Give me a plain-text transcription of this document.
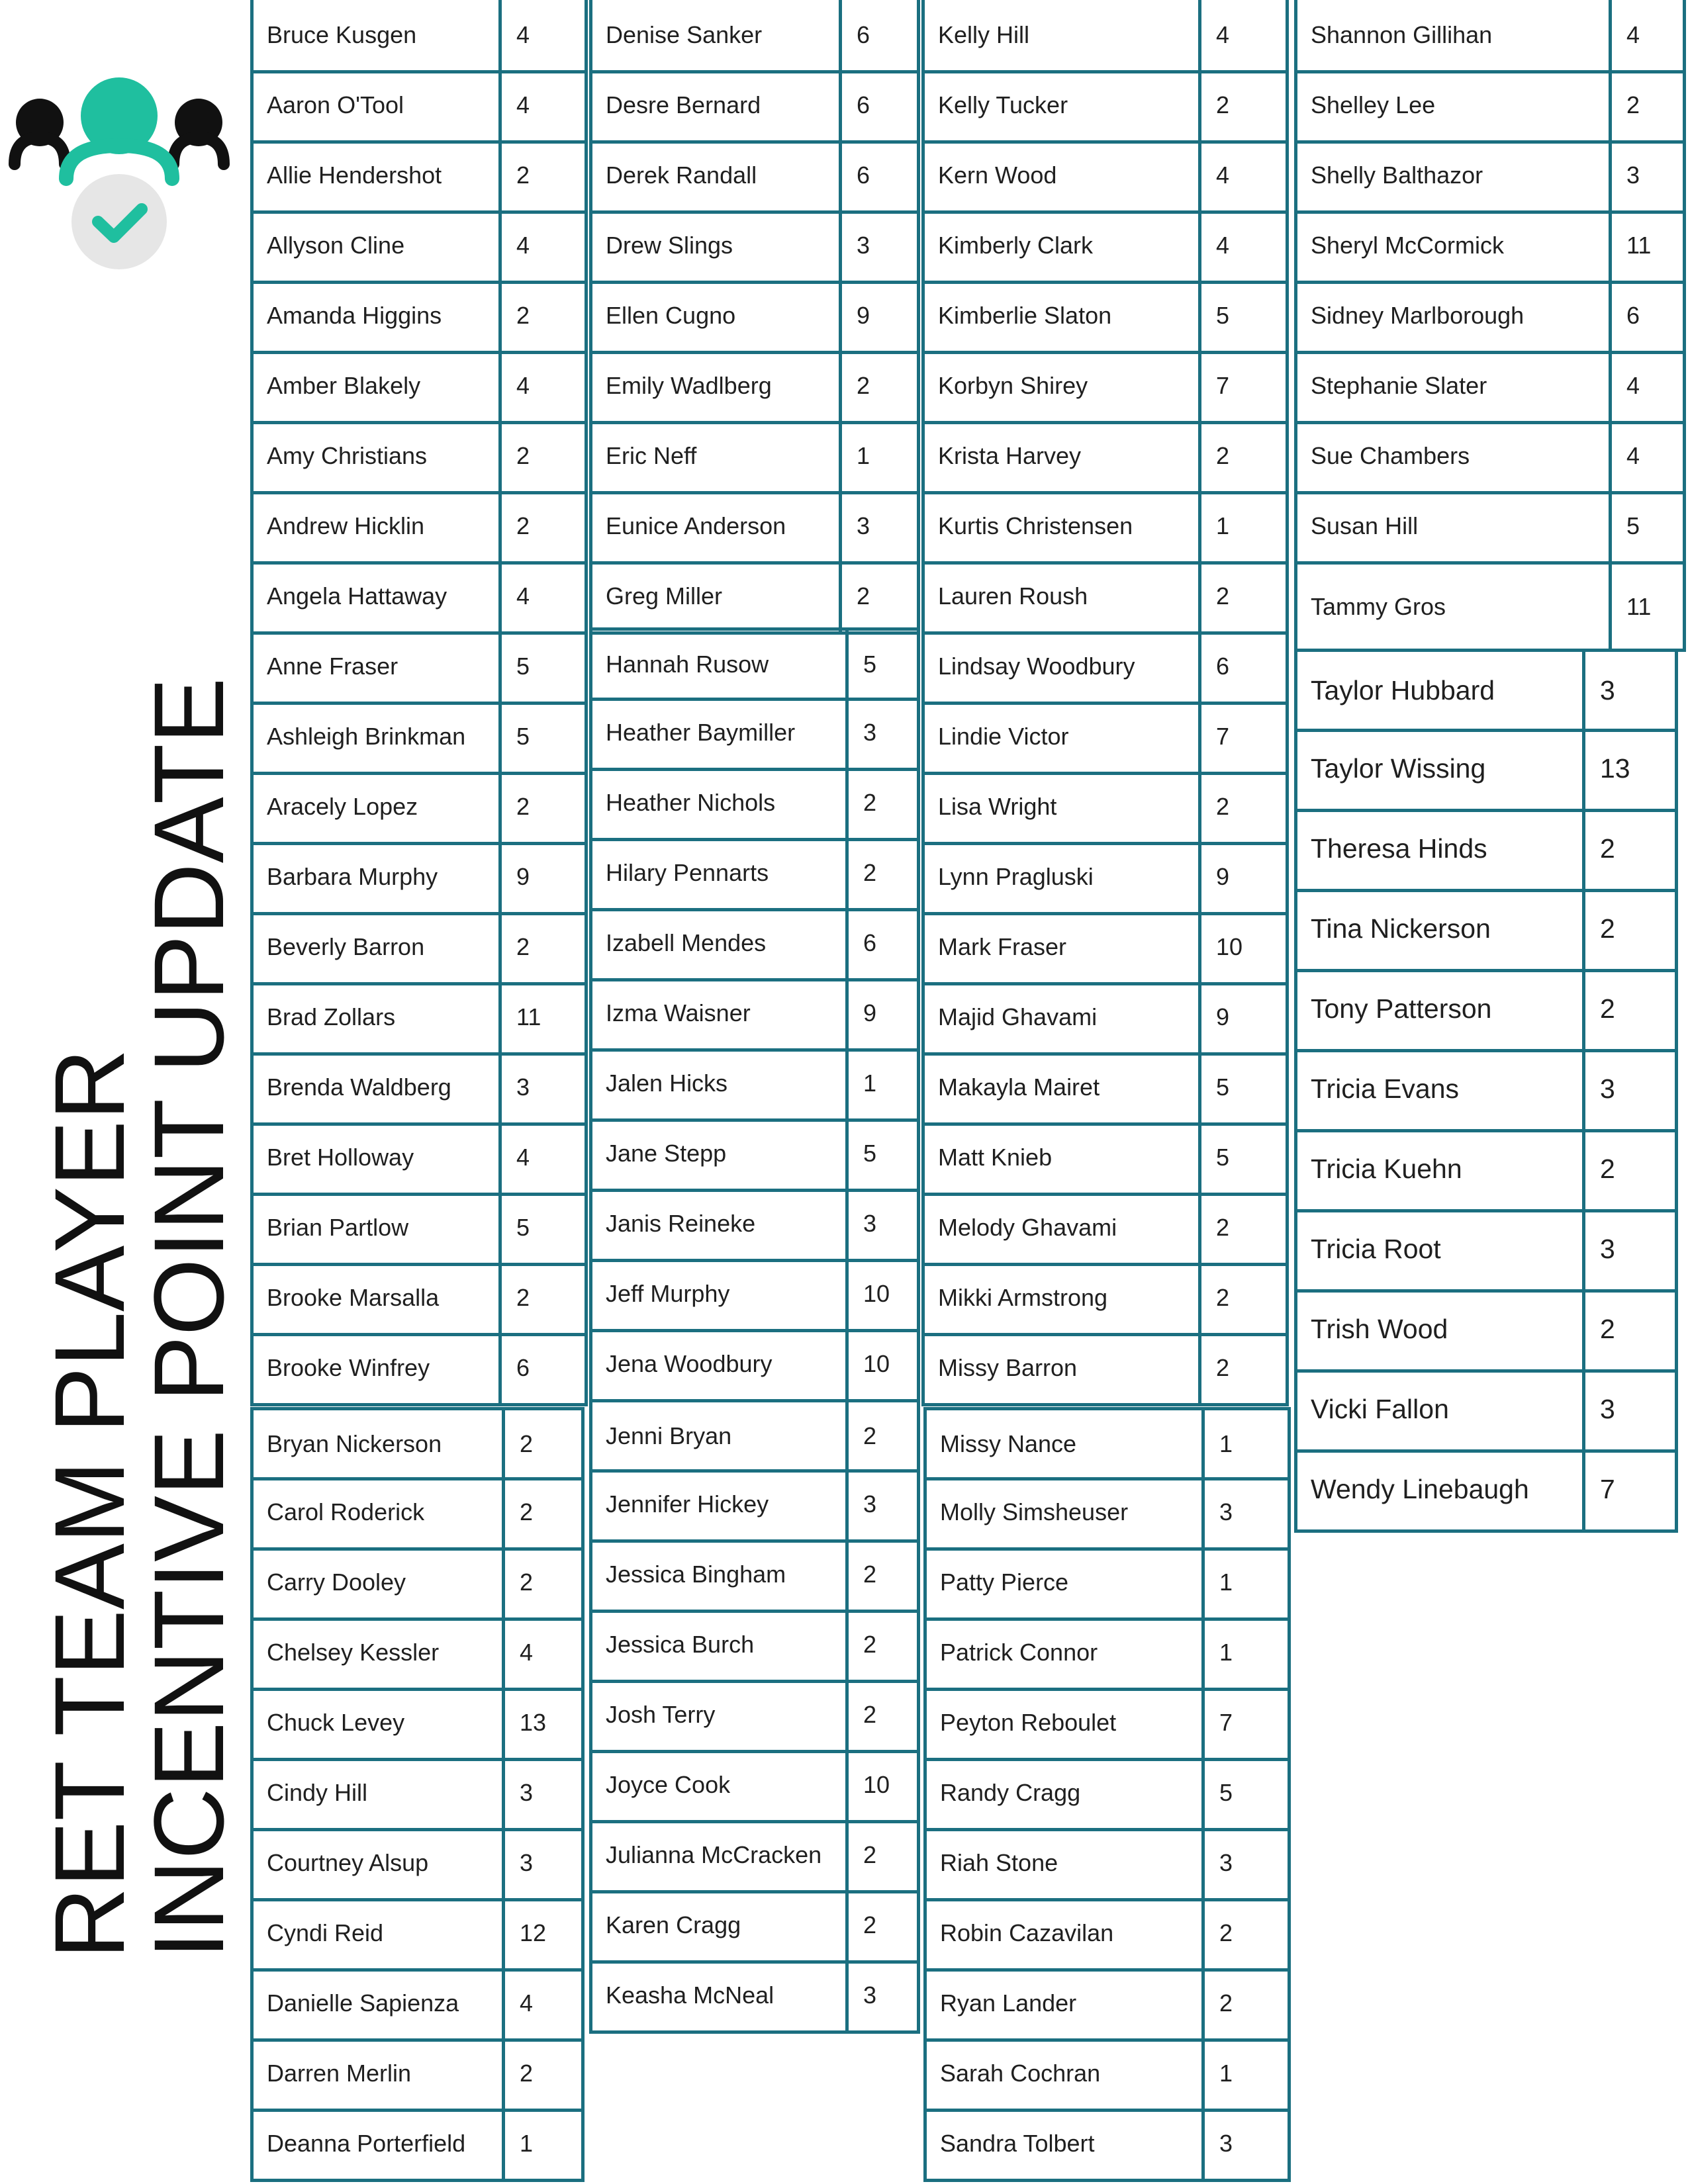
RET TEAM PLAYER
INCENTIVE POINT UPDATE
Bruce Kusgen	4
Aaron O'Tool	4
Allie Hendershot	2
Allyson Cline	4
Amanda Higgins	2
Amber Blakely	4
Amy Christians	2
Andrew Hicklin	2
Angela Hattaway	4
Anne Fraser	5
Ashleigh Brinkman	5
Aracely Lopez	2
Barbara Murphy	9
Beverly Barron	2
Brad Zollars	11
Brenda Waldberg	3
Bret Holloway	4
Brian Partlow	5
Brooke Marsalla	2
Brooke Winfrey	6
Bryan Nickerson	2
Carol Roderick	2
Carry Dooley	2
Chelsey Kessler	4
Chuck Levey	13
Cindy Hill	3
Courtney Alsup	3
Cyndi Reid	12
Danielle Sapienza	4
Darren Merlin	2
Deanna Porterfield	1
Denise Sanker	6
Desre Bernard	6
Derek Randall	6
Drew Slings	3
Ellen Cugno	9
Emily Wadlberg	2
Eric Neff	1
Eunice Anderson	3
Greg Miller	2
Hannah Rusow	5
Heather Baymiller	3
Heather Nichols	2
Hilary Pennarts	2
Izabell Mendes	6
Izma Waisner	9
Jalen Hicks	1
Jane Stepp	5
Janis Reineke	3
Jeff Murphy	10
Jena Woodbury	10
Jenni Bryan	2
Jennifer Hickey	3
Jessica Bingham	2
Jessica Burch	2
Josh Terry	2
Joyce Cook	10
Julianna McCracken	2
Karen Cragg	2
Keasha McNeal	3
Kelly Hill	4
Kelly Tucker	2
Kern Wood	4
Kimberly Clark	4
Kimberlie Slaton	5
Korbyn Shirey	7
Krista Harvey	2
Kurtis Christensen	1
Lauren Roush	2
Lindsay Woodbury	6
Lindie Victor	7
Lisa Wright	2
Lynn Pragluski	9
Mark Fraser	10
Majid Ghavami	9
Makayla Mairet	5
Matt Knieb	5
Melody Ghavami	2
Mikki Armstrong	2
Missy Barron	2
Missy Nance	1
Molly Simsheuser	3
Patty Pierce	1
Patrick Connor	1
Peyton Reboulet	7
Randy Cragg	5
Riah Stone	3
Robin Cazavilan	2
Ryan Lander	2
Sarah Cochran	1
Sandra Tolbert	3
Shannon Gillihan	4
Shelley Lee	2
Shelly Balthazor	3
Sheryl McCormick	11
Sidney Marlborough	6
Stephanie Slater	4
Sue Chambers	4
Susan Hill	5
Tammy Gros	11
Taylor Hubbard	3
Taylor Wissing	13
Theresa Hinds	2
Tina Nickerson	2
Tony Patterson	2
Tricia Evans	3
Tricia Kuehn	2
Tricia Root	3
Trish Wood	2
Vicki Fallon	3
Wendy Linebaugh	7
